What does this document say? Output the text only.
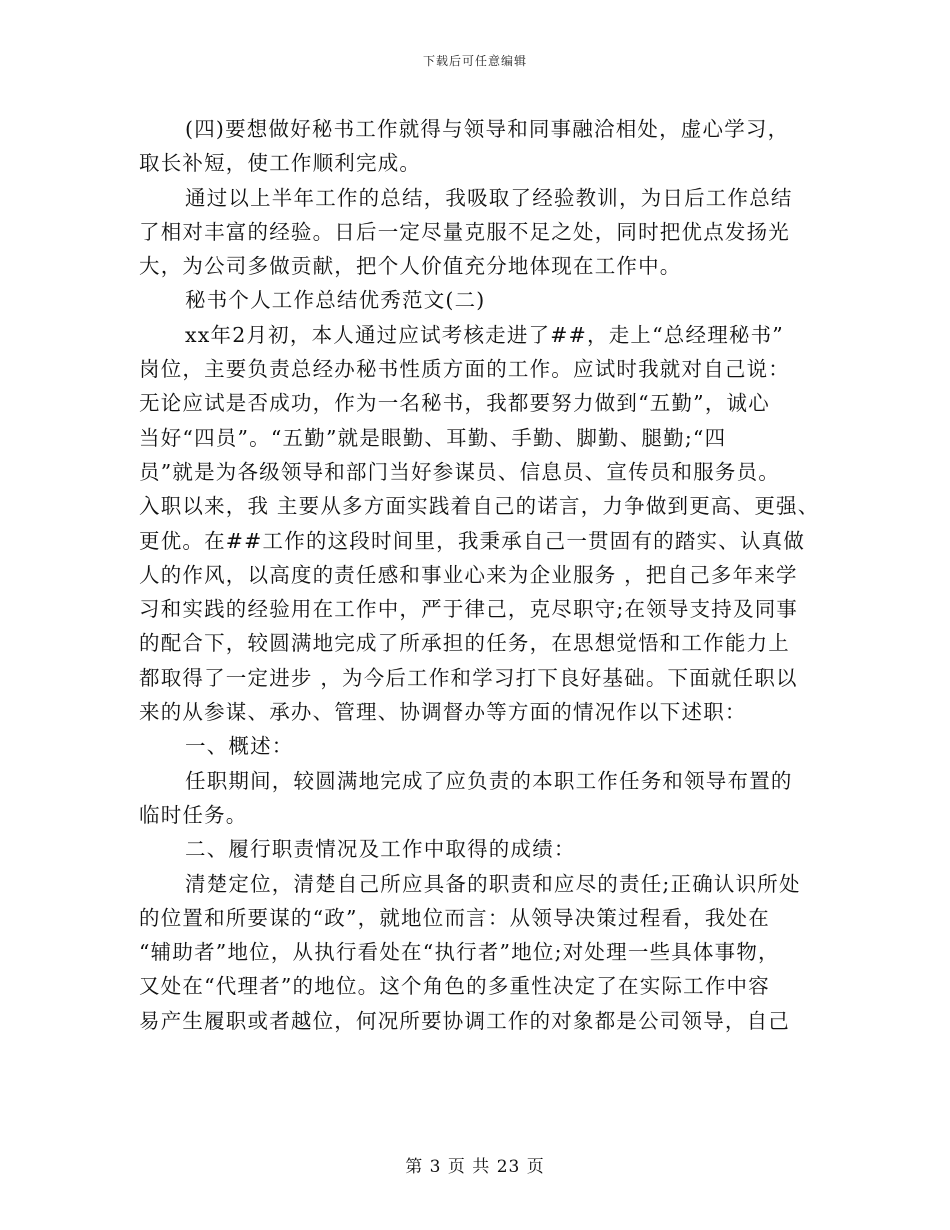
下载后可任意编辑
(四)要想做好秘书工作就得与领导和同事融洽相处，虚心学习，
取长补短，使工作顺利完成。
通过以上半年工作的总结，我吸取了经验教训，为日后工作总结
了相对丰富的经验。日后一定尽量克服不足之处，同时把优点发扬光
大，为公司多做贡献，把个人价值充分地体现在工作中。
秘书个人工作总结优秀范文(二)
xx年2月初，本人通过应试考核走进了##，走上“总经理秘书”
岗位，主要负责总经办秘书性质方面的工作。应试时我就对自己说：
无论应试是否成功，作为一名秘书，我都要努力做到“五勤”，诚心
当好“四员”。“五勤”就是眼勤、耳勤、手勤、脚勤、腿勤;“四
员”就是为各级领导和部门当好参谋员、信息员、宣传员和服务员。
入职以来，我 主要从多方面实践着自己的诺言，力争做到更高、更强、
更优。在##工作的这段时间里，我秉承自己一贯固有的踏实、认真做
人的作风，以高度的责任感和事业心来为企业服务 ，把自己多年来学
习和实践的经验用在工作中，严于律己，克尽职守;在领导支持及同事
的配合下，较圆满地完成了所承担的任务，在思想觉悟和工作能力上
都取得了一定进步 ，为今后工作和学习打下良好基础。下面就任职以
来的从参谋、承办、管理、协调督办等方面的情况作以下述职：
一、概述：
任职期间，较圆满地完成了应负责的本职工作任务和领导布置的
临时任务。
二、履行职责情况及工作中取得的成绩：
清楚定位，清楚自己所应具备的职责和应尽的责任;正确认识所处
的位置和所要谋的“政”，就地位而言：从领导决策过程看，我处在
“辅助者”地位，从执行看处在“执行者”地位;对处理一些具体事物，
又处在“代理者”的地位。这个角色的多重性决定了在实际工作中容
易产生履职或者越位，何况所要协调工作的对象都是公司领导，自己
第 3 页 共 23 页
